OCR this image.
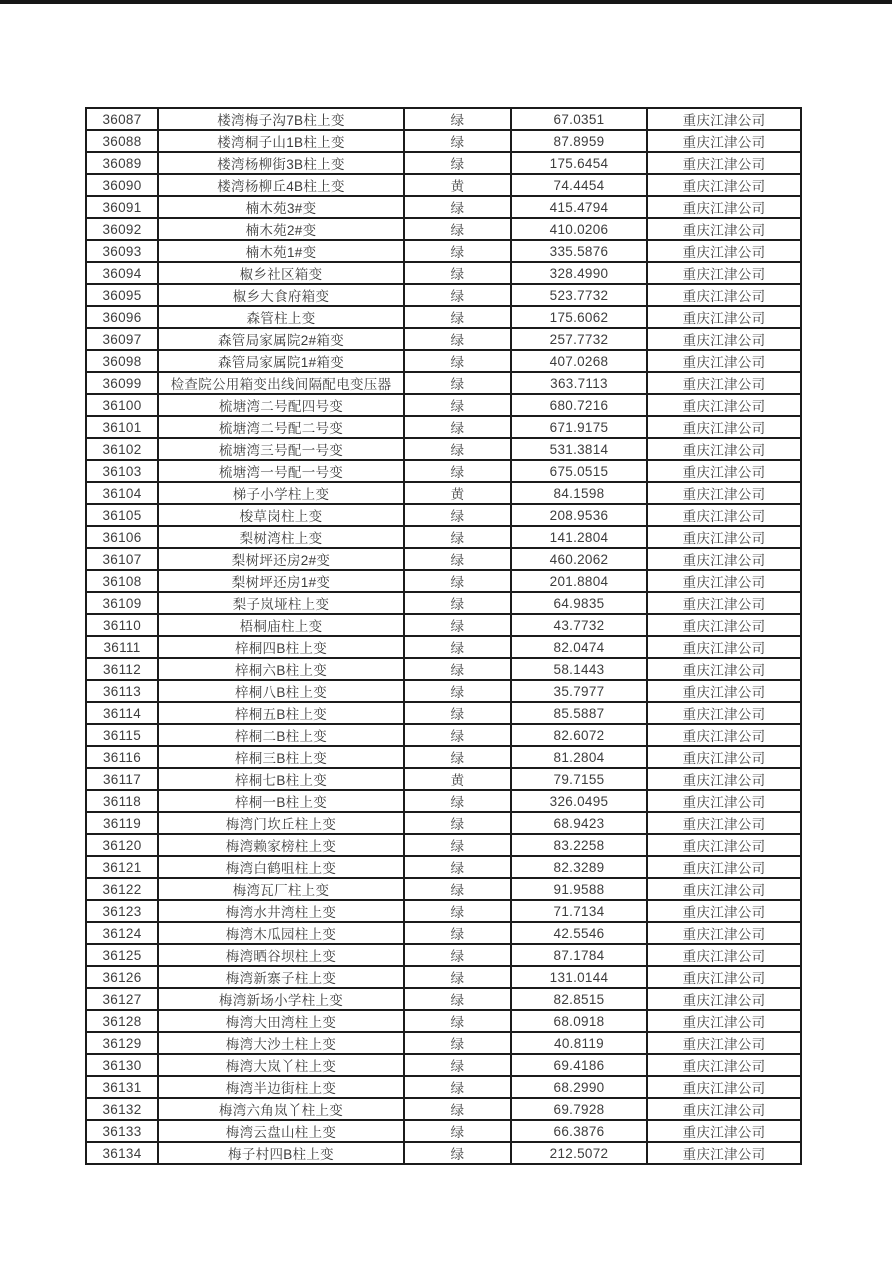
36087	楼湾梅子沟7B柱上变	绿	67.0351	重庆江津公司
36088	楼湾桐子山1B柱上变	绿	87.8959	重庆江津公司
36089	楼湾杨柳街3B柱上变	绿	175.6454	重庆江津公司
36090	楼湾杨柳丘4B柱上变	黄	74.4454	重庆江津公司
36091	楠木苑3#变	绿	415.4794	重庆江津公司
36092	楠木苑2#变	绿	410.0206	重庆江津公司
36093	楠木苑1#变	绿	335.5876	重庆江津公司
36094	椒乡社区箱变	绿	328.4990	重庆江津公司
36095	椒乡大食府箱变	绿	523.7732	重庆江津公司
36096	森管柱上变	绿	175.6062	重庆江津公司
36097	森管局家属院2#箱变	绿	257.7732	重庆江津公司
36098	森管局家属院1#箱变	绿	407.0268	重庆江津公司
36099	检查院公用箱变出线间隔配电变压器	绿	363.7113	重庆江津公司
36100	梳塘湾二号配四号变	绿	680.7216	重庆江津公司
36101	梳塘湾二号配二号变	绿	671.9175	重庆江津公司
36102	梳塘湾三号配一号变	绿	531.3814	重庆江津公司
36103	梳塘湾一号配一号变	绿	675.0515	重庆江津公司
36104	梯子小学柱上变	黄	84.1598	重庆江津公司
36105	梭草岗柱上变	绿	208.9536	重庆江津公司
36106	梨树湾柱上变	绿	141.2804	重庆江津公司
36107	梨树坪还房2#变	绿	460.2062	重庆江津公司
36108	梨树坪还房1#变	绿	201.8804	重庆江津公司
36109	梨子岚垭柱上变	绿	64.9835	重庆江津公司
36110	梧桐庙柱上变	绿	43.7732	重庆江津公司
36111	梓桐四B柱上变	绿	82.0474	重庆江津公司
36112	梓桐六B柱上变	绿	58.1443	重庆江津公司
36113	梓桐八B柱上变	绿	35.7977	重庆江津公司
36114	梓桐五B柱上变	绿	85.5887	重庆江津公司
36115	梓桐二B柱上变	绿	82.6072	重庆江津公司
36116	梓桐三B柱上变	绿	81.2804	重庆江津公司
36117	梓桐七B柱上变	黄	79.7155	重庆江津公司
36118	梓桐一B柱上变	绿	326.0495	重庆江津公司
36119	梅湾门坎丘柱上变	绿	68.9423	重庆江津公司
36120	梅湾赖家榜柱上变	绿	83.2258	重庆江津公司
36121	梅湾白鹤咀柱上变	绿	82.3289	重庆江津公司
36122	梅湾瓦厂柱上变	绿	91.9588	重庆江津公司
36123	梅湾水井湾柱上变	绿	71.7134	重庆江津公司
36124	梅湾木瓜园柱上变	绿	42.5546	重庆江津公司
36125	梅湾晒谷坝柱上变	绿	87.1784	重庆江津公司
36126	梅湾新寨子柱上变	绿	131.0144	重庆江津公司
36127	梅湾新场小学柱上变	绿	82.8515	重庆江津公司
36128	梅湾大田湾柱上变	绿	68.0918	重庆江津公司
36129	梅湾大沙土柱上变	绿	40.8119	重庆江津公司
36130	梅湾大岚丫柱上变	绿	69.4186	重庆江津公司
36131	梅湾半边街柱上变	绿	68.2990	重庆江津公司
36132	梅湾六角岚丫柱上变	绿	69.7928	重庆江津公司
36133	梅湾云盘山柱上变	绿	66.3876	重庆江津公司
36134	梅子村四B柱上变	绿	212.5072	重庆江津公司
